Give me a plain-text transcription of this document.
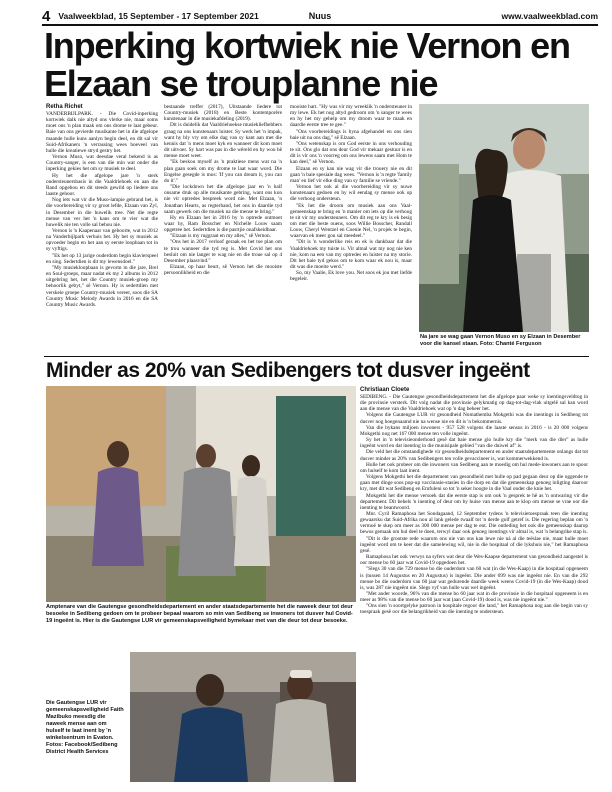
4 Vaalweekblad, 15 September - 17 September 2021	Nuus	www.vaalweekblad.com
Inperking kortwiek nie Vernon en Elzaan se trouplanne nie
Retha Richet

VANDERBIJLPARK. - Die Covid-inperking kortwiek dalk nie altyd ons vlerke nie, maar soms moet ons 'n plan maak om ons drome te laat gebeur. Baie van ons gevierde musikante het in die afgelope maande hulle kuns aanlyn begin deel, en dit sal vir Suid-Afrikaners 'n verrassing wees hoeveel van hulle die kreatiewe stryd gestry het.

Vernon Muso, wat deesdae veral bekend is as Country-sanger, is een van die min wat onder die inperking gekies het om sy musiek te deel.

Hy het die afgelope jare 'n sterk ondersteunersbasis in die Vaaldriehoek en aan die Rand opgebou en dit steeds gewild op liedere ons laaste gehoor.

Nog iets wat vir die Muso-lampie gebrand het, is die voorbereiding vir sy groot lefde, Elzaan van Zyl, in Desember in die huwelik tree. Net die regte mense van ver het 'n kans om te vier wat die huwelik nie ten volle sal behou nie.

Vernon is 'n Kaapenaar van geboorte, wat in 2012 na Vanderbijlpark verhuis het. Hy het sy musiek as opvoeder begin en het aan sy eerste loopbaan tot in sy vyftigs.

"Ek het op 13 jarige ouderdom begin klavierspeel en sing. Sedertdien is dit my lewensdoel."

"My musiekloopbaan is gevorm in die jare, Brel en Soul-groeps, maar nadat ek my 2 albums in 2012 uitgebring het, het die Country musiek-groep my behoorlik gebyt," sê Vernon. Hy is sedertdien met verskeie groepe Country-musiek vereer, soos die SA Country Music Melody Awards in 2016 en die SA Country Music Awards.

bestaande treffer (2017), Uitstaande liedere tot Country-musiek (2018) en Beste kontemporêre kunstenaar in die musiekafdeling (2019).

Dit is duidelik dat Vaaldriehoekse musiekliefhebbers graag na ons kunstenaars luister. Sy werk het 'n impak, want hy bly vry om elke dag van sy kant aan met die kennis dat 'n mens moet kyk en wanneer dit kom moet dit uitvoer. Sy hart was pas in die wêreld en hy wou hê mense moet weet.

"Ek beskou myself as 'n praktiese mens wat na 'n plan gaan soek om my drome te laat waar word. Die Engelse gesegde is mos: 'If you can dream it, you can do it'."

"Die lockdown het die afgelope jaar en 'n half onsame druk op alle musikante gebring, want ons kon nie vir optredes bespreek word nie. Met Elzaan, 'n Jonathan Hearts, as regterhand, het ons in daardie tyd saam gewerk om die musiek na die mense te bring."

Hy en Elzaan het in 2016 by 'n optrede ontmoet waar hy, Ram Bosscher en Nichelle Louw saam opgetree het. Sedertdien is die pasrtjie onafskeidbaar.

"Elzaan is my ruggraat en my alles," sê Vernon.

"Ons het in 2017 verloof geraak en het toe plan om te trou wanneer die tyd reg is. Met Covid het ons besluit om nie langer te wag nie en die troue sal op 4 Desember plaasvind."

Elzaan, op haar beurt, sê Vernon het die mooiste persoonlikheid en die

mooiste hart. "Hy was vir my wreeklik 'n ondersteuner in my lewe. Ek het nog altyd gedroom om 'n sanger te wees en hy het my gehelp om my droom waar te maak en daardie eerste tree te gee."

"Ons voorbereidings is byna afgehandel en ons sien baie uit na ons dag," sê Elzaan.

"Ons wetenskap is om God eerste in ons verhouding te sit. Ons glo dat ons deur God vir mekaar gestuur is en dit is vir ons 'n voorreg om ons lewens saam met Hom te kan deel," sê Vernon.

Elzaan en sy kan nie wag vir die trouery nie en dit gaan 'n baie spesiale dag wees. "Vernon is 'n regte 'family man' en lief vir elke ding van sy familie se vriende."

Vernon het ook al die voorbereiding vir sy nuwe kunstenaars gedoen en hy wil eendag sy mense ook op die verhoog ondersteun.

"Ek het die droom om musiek aan ons Vaal-gemeenskap te bring en 'n manier om iets op die verhoog te sit vir my ondersteuners. Om dit reg te kry is ek besig om met die beste ouens, soos Willie Bosscher, Randall Louw, Cheryl Wentzel en Coenie Nel, 'n projek te begin, waarvan ek meer gou sal meedeel."

"Dit is 'n wonderlike reis en ek is dankbaar dat die Vaaldriehoek my tuiste is. Vir almal wat my nog nie ken nie, kom na een van my optredes en luister na my storie. Dit het baie tyd gekos om te kom waar ek nou is, maar dit was die moeite werd."

So, my Vaalie, Ek love you. Net soos ek jou met liefde begeleir.

Na jare se wag gaan Vernon Muso en sy Elzaan in Desember voor die kansel staan. Foto: Chanté Ferguson
Minder as 20% van Sedibengers tot dusver ingeënt
Christiaan Cloete
Amptenare van die Gautengse gesondheidsdepartement en ander staatsdepartemente het die naweek deur tot deur besoeke in Sedibeng gedoen om te probeer bepaal waarom so min van Sedibeng se inwoners tot dusver hul Covid-19 ingeënt is. Hier is die Gautengse LUR vir gemeenskapsveiligheid bymekaar met van die deur tot deur besoeke.
Die Gautengse LUR vir gemeenskapsveiligheid Faith Mazibuko meesdig die naweek mense aan om hulself te laat inent by 'n winkelsentrum in Evaton. Fotos: Facebook/Sedibeng District Health Services

SEDIBENG. - Die Gautengse gesondheidsdepartement het die afgelope paar weke sy inentingsveldtog in die provinsie versterk. Dit volg nadat die provinsie gelykmatig op dag-tot-dag-vlak uitgelê sal kan word aan die mense van die Vaaldriehoek wat op 'n dag beheer het.

Volgens die Gautengse LUR vir gesondheid Nomathemba Mokgethi was die inentings in Sedibeng tot dusver nog hoegenaamd nie na wense nie en dit is 'n bekommernis.

Van die bykans miljoen inwoners - 957 528 volgens die laaste sensus in 2016 - is 20 000 volgens Mokgethi nog net 167 000 mense ten volle ingeënt.

Sy het in 'n televisieonderhoud gesê dat baie mense glo hulle kry die "merk van die dier" as hulle ingeënt word en dat inenting in die munisipale gebied "van die duiwel af" is.

Die veld het die omstandighede vir gesondheidsdepartement en ander staatsdepartemente onlangs dat tot dusver minder as 20% van Sedibengers ten volle gevaccineer is, wat kommerwekkend is.

Hulle het ook probeer om die inwoners van Sedibeng aan te moedig om hul mede-inwoners aan te spoor om hulself te kom laat inent.

Volgens Mokgethi het die departement van gesondheid met hulle op pad gegaan deur op die oggende te gaan met dinge soos pop-up vaccinasie-stasies in die dorp en dat die gemeenskap genoeg inligting daaroor kry, met dit wat Sedibeng en Emfuleni so tot 'n seker hoogte in die Vaal onder die knie het.

Mokgethi het die mense versoek dat die eerste stap is om ook 'n gesprek te hê as 'n ontwaring vir die departement. Dit behels 'n inenting of deur om by huise van mense aan te klop om mense se vrae oor die inenting te beantwoord.

Mnr. Cyril Ramaphosa het Sondagaand, 12 September tydens 'n televisietoespraak teen die inenting gewaarsku dat Suid-Afrika nou al lank gelede twaalf tot 'n derde golf getref is. Die regering beplan om 'n vermoë te skep om meer as 300 000 mense per dag te ent. Die ontleding het ook die gemeenskap daarop bewus gemaak om hul deel te doen, terwyl daar ook genoeg inentings vir almal is, wat 'n belangrike stap is.

"Dit is die grootste rede waarom ons nie van ons kan lewe nie ná al die teëslae nie, maar hulle moet ingeënt word om te keer dat die samelewing wil, nie in die hospitaal of die lykshuis nie," het Ramaphosa gesê.

Ramaphosa het ook verwys na syfers wat deur die Wes-Kaapse departement van gesondheid aangestel is oor mense bo 60 jaar wat Covid-19 opgedoen het.

"Slegs 30 van die 729 mense bo die ouderdom van 60 wat (in die Wes-Kaap) in die hospitaal opgeneem is (tussen 14 Augustus en 20 Augustus) is ingeënt. Die ander 699 was nie ingeënt nie. En van die 292 mense bo die ouderdom van 60 jaar wat gedurende daardie week weens Covid-19 (in die Wes-Kaap) dood is, was 287 nie ingeënt nie. Slegs vyf van hulle was wel ingeënt.

"Met ander woorde, 96% van die mense bo 60 jaar wat in die provinsie in die hospitaal opgeneem is en meer as 98% van die mense bo 60 jaar wat (aan Covid-19) dood is, was nie ingeënt nie."

"Ons sien 'n soortgelyke patroon in hospitale regoor die land," het Ramaphosa nog aan die begin van sy toespraak gesê oor die belangrikheid van die inenting te ondersteun.
